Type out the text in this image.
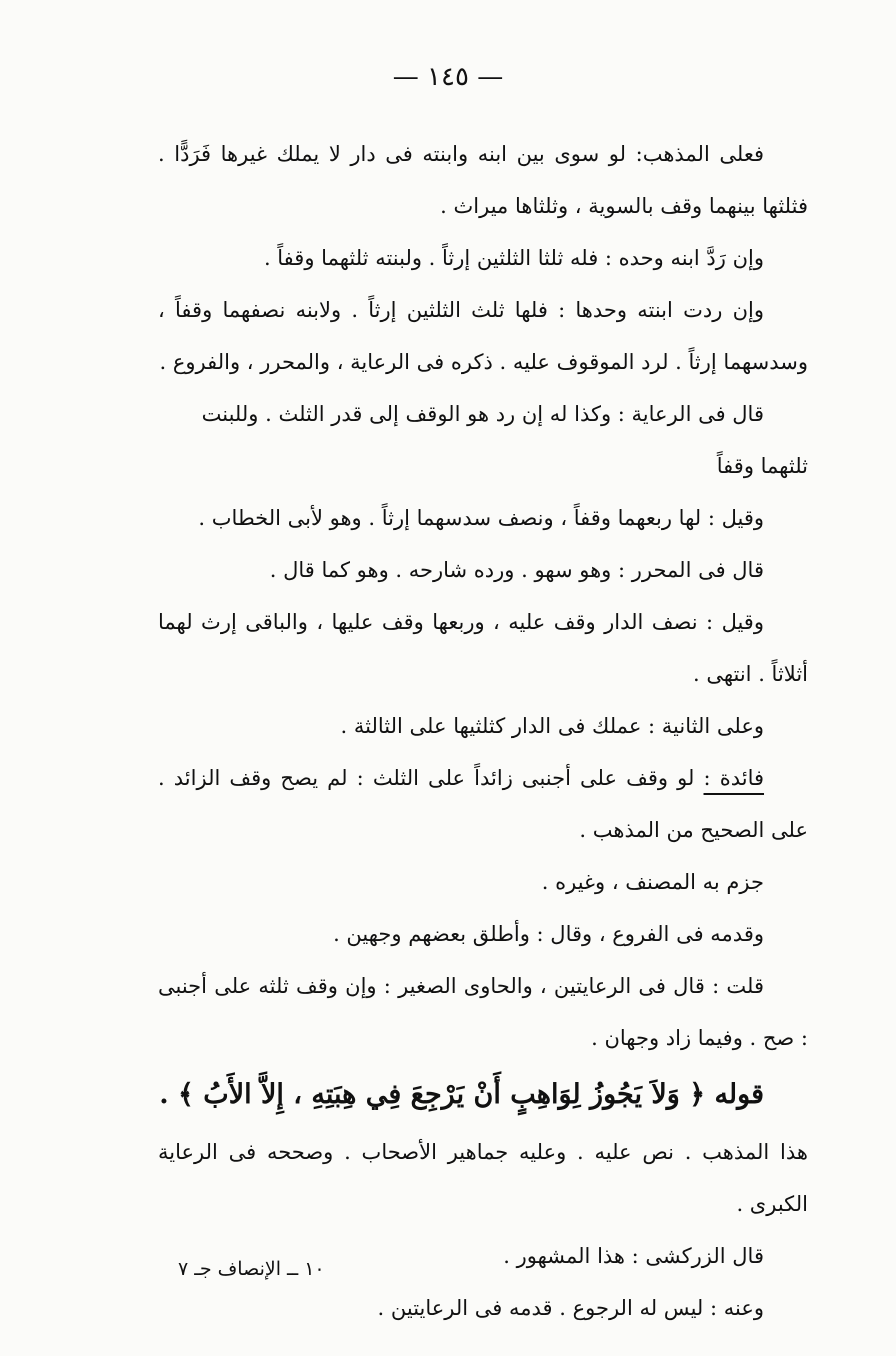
— ١٤٥ —

فعلى المذهب: لو سوى بين ابنه وابنته فى دار لا يملك غيرها فَرَدًّا . فثلثها بينهما وقف بالسوية ، وثلثاها ميراث .

وإن رَدَّ ابنه وحده : فله ثلثا الثلثين إرثاً . ولبنته ثلثهما وقفاً .

وإن ردت ابنته وحدها : فلها ثلث الثلثين إرثاً . ولابنه نصفهما وقفاً ، وسدسهما إرثاً . لرد الموقوف عليه . ذكره فى الرعاية ، والمحرر ، والفروع .

قال فى الرعاية : وكذا له إن رد هو الوقف إلى قدر الثلث . وللبنت ثلثهما وقفاً

وقيل : لها ربعهما وقفاً ، ونصف سدسهما إرثاً . وهو لأبى الخطاب .

قال فى المحرر : وهو سهو . ورده شارحه . وهو كما قال .

وقيل : نصف الدار وقف عليه ، وربعها وقف عليها ، والباقى إرث لهما أثلاثاً . انتهى .

وعلى الثانية : عملك فى الدار كثلثيها على الثالثة .

فائدة : لو وقف على أجنبى زائداً على الثلث : لم يصح وقف الزائد . على الصحيح من المذهب .

جزم به المصنف ، وغيره .

وقدمه فى الفروع ، وقال : وأطلق بعضهم وجهين .

قلت : قال فى الرعايتين ، والحاوى الصغير : وإن وقف ثلثه على أجنبى : صح . وفيما زاد وجهان .

قوله ﴿ وَلاَ يَجُوزُ لِوَاهِبٍ أَنْ يَرْجِعَ فِي هِبَتِهِ ، إِلاَّ الأَبُ ﴾ .

هذا المذهب . نص عليه . وعليه جماهير الأصحاب . وصححه فى الرعاية الكبرى .

قال الزركشى : هذا المشهور .

وعنه : ليس له الرجوع . قدمه فى الرعايتين .

١٠ ــ الإنصاف جـ ٧
